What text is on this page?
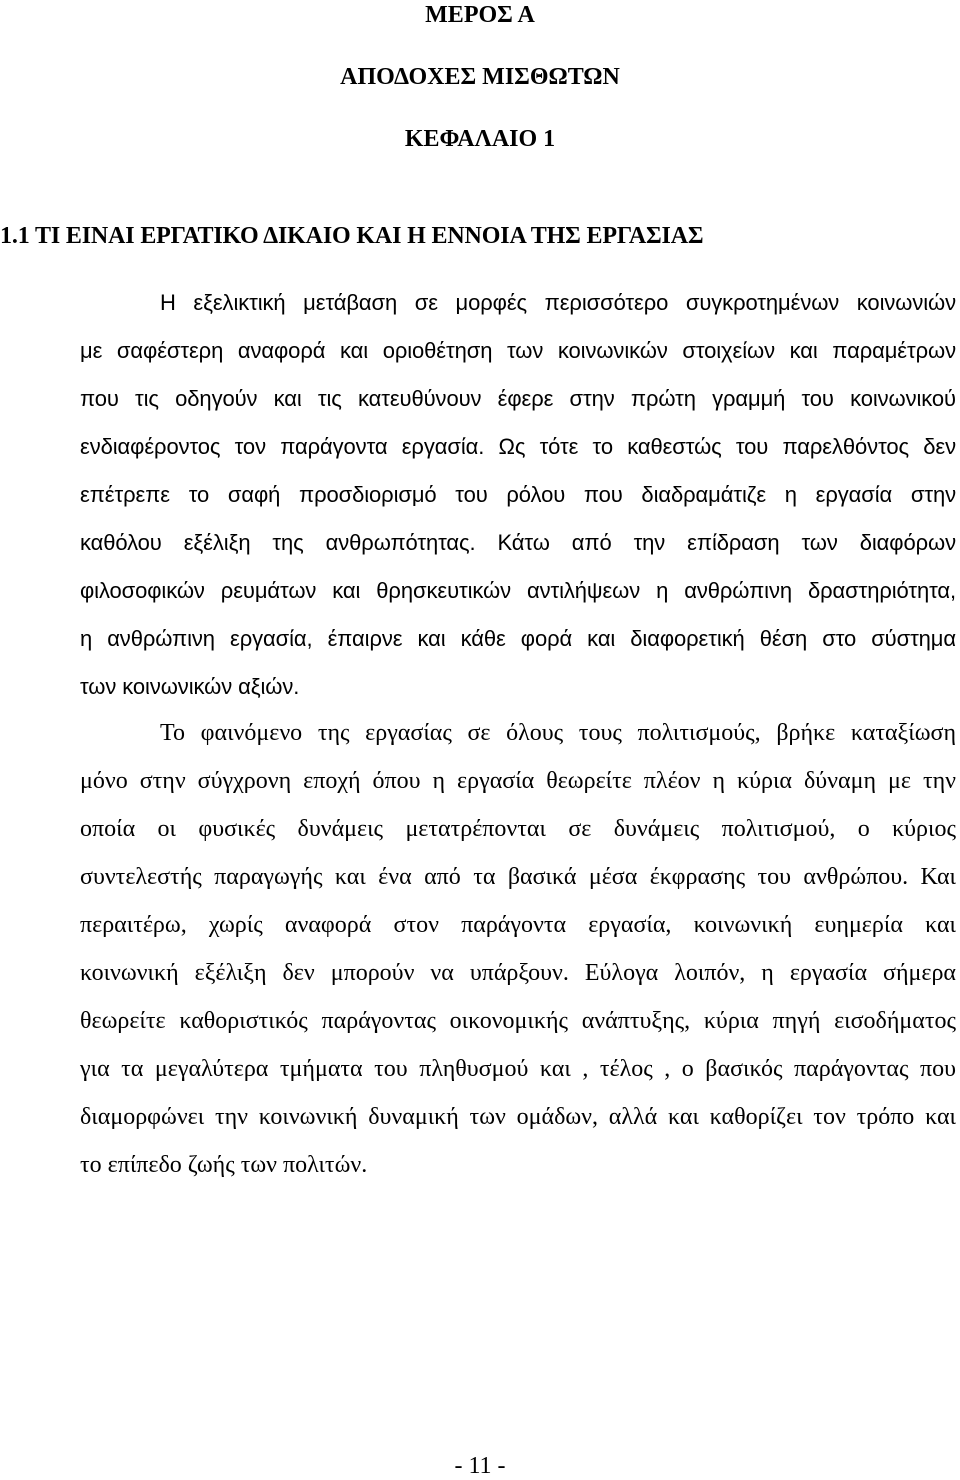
ΜΕΡΟΣ Α
ΑΠΟΔΟΧΕΣ ΜΙΣΘΩΤΩΝ
ΚΕΦΑΛΑΙΟ 1
1.1 ΤΙ ΕΙΝΑΙ ΕΡΓΑΤΙΚΟ ΔΙΚΑΙΟ ΚΑΙ Η ΕΝΝΟΙΑ ΤΗΣ ΕΡΓΑΣΙΑΣ
Η εξελικτική μετάβαση σε μορφές περισσότερο συγκροτημένων κοινωνιών
με σαφέστερη αναφορά και οριοθέτηση των κοινωνικών στοιχείων και παραμέτρων
που τις οδηγούν και τις κατευθύνουν έφερε στην πρώτη γραμμή του κοινωνικού
ενδιαφέροντος τον παράγοντα εργασία. Ως τότε το καθεστώς του παρελθόντος δεν
επέτρεπε το σαφή προσδιορισμό του ρόλου που διαδραμάτιζε η εργασία στην
καθόλου εξέλιξη της ανθρωπότητας. Κάτω από την επίδραση των διαφόρων
φιλοσοφικών ρευμάτων και θρησκευτικών αντιλήψεων η ανθρώπινη δραστηριότητα,
η ανθρώπινη εργασία, έπαιρνε και κάθε φορά και διαφορετική θέση στο σύστημα
των κοινωνικών αξιών.
Το φαινόμενο της εργασίας σε όλους τους πολιτισμούς, βρήκε καταξίωση
μόνο στην σύγχρονη εποχή όπου η εργασία θεωρείτε πλέον η κύρια δύναμη με την
οποία οι φυσικές δυνάμεις μετατρέπονται σε δυνάμεις πολιτισμού, ο κύριος
συντελεστής παραγωγής και ένα από τα βασικά μέσα έκφρασης του ανθρώπου. Και
περαιτέρω, χωρίς αναφορά στον παράγοντα εργασία, κοινωνική ευημερία και
κοινωνική εξέλιξη δεν μπορούν να υπάρξουν. Εύλογα λοιπόν, η εργασία σήμερα
θεωρείτε καθοριστικός παράγοντας οικονομικής ανάπτυξης, κύρια πηγή εισοδήματος
για τα μεγαλύτερα τμήματα του πληθυσμού και , τέλος , ο βασικός παράγοντας που
διαμορφώνει την κοινωνική δυναμική των ομάδων, αλλά και καθορίζει τον τρόπο και
το επίπεδο ζωής των πολιτών.
- 11 -
